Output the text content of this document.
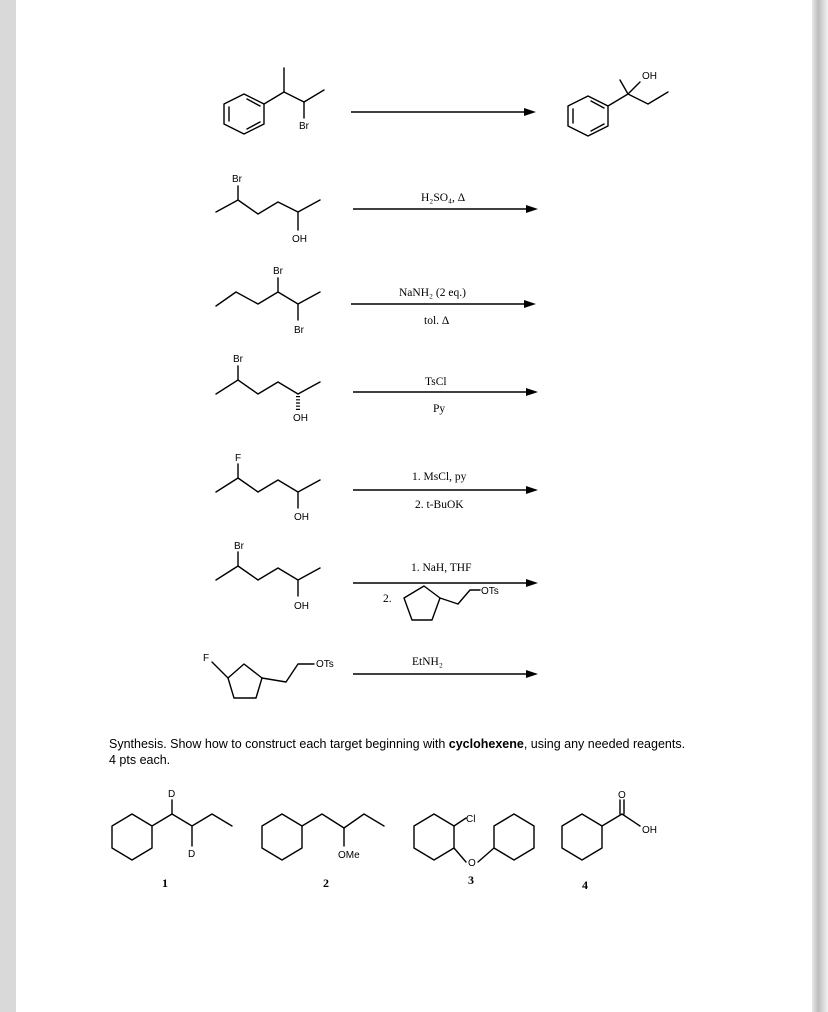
Br
OH
Br
OH
H₂SO₄, Δ
Br
Br
NaNH₂ (2 eq.)
tol. Δ
Br
OH
TsCl
Py
F
OH
1. MsCl, py
2. t-BuOK
Br
OH
1. NaH, THF
2.
OTs
F
OTs	EtNH₂
D
D
1
OMe
2
Cl
O
3
O
OH
4
Synthesis. Show how to construct each target beginning with cyclohexene, using any needed reagents.
4 pts each.
